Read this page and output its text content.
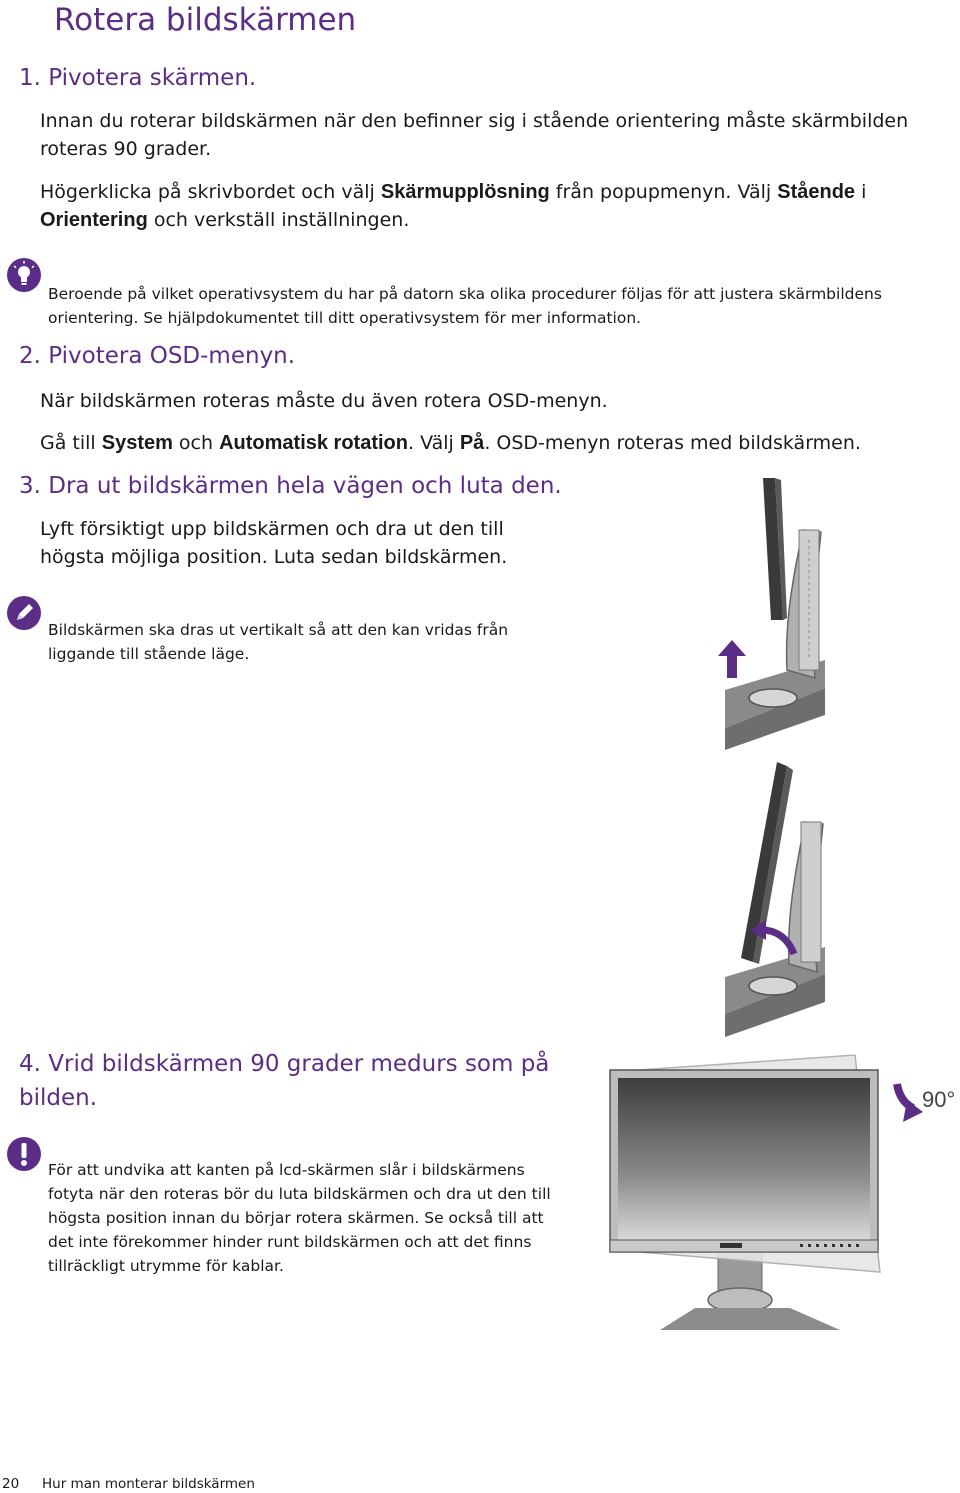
Rotera bildskärmen
1. Pivotera skärmen.
Innan du roterar bildskärmen när den befinner sig i stående orientering måste skärmbilden roteras 90 grader.
Högerklicka på skrivbordet och välj Skärmupplösning från popupmenyn. Välj Stående i Orientering och verkställ inställningen.
Beroende på vilket operativsystem du har på datorn ska olika procedurer följas för att justera skärmbildens orientering. Se hjälpdokumentet till ditt operativsystem för mer information.
2. Pivotera OSD-menyn.
När bildskärmen roteras måste du även rotera OSD-menyn.
Gå till System och Automatisk rotation. Välj På. OSD-menyn roteras med bildskärmen.
3. Dra ut bildskärmen hela vägen och luta den.
Lyft försiktigt upp bildskärmen och dra ut den till högsta möjliga position. Luta sedan bildskärmen.
Bildskärmen ska dras ut vertikalt så att den kan vridas från liggande till stående läge.
4. Vrid bildskärmen 90 grader medurs som på bilden.
För att undvika att kanten på lcd-skärmen slår i bildskärmens fotyta när den roteras bör du luta bildskärmen och dra ut den till högsta position innan du börjar rotera skärmen. Se också till att det inte förekommer hinder runt bildskärmen och att det finns tillräckligt utrymme för kablar.
90°
20 Hur man monterar bildskärmen
